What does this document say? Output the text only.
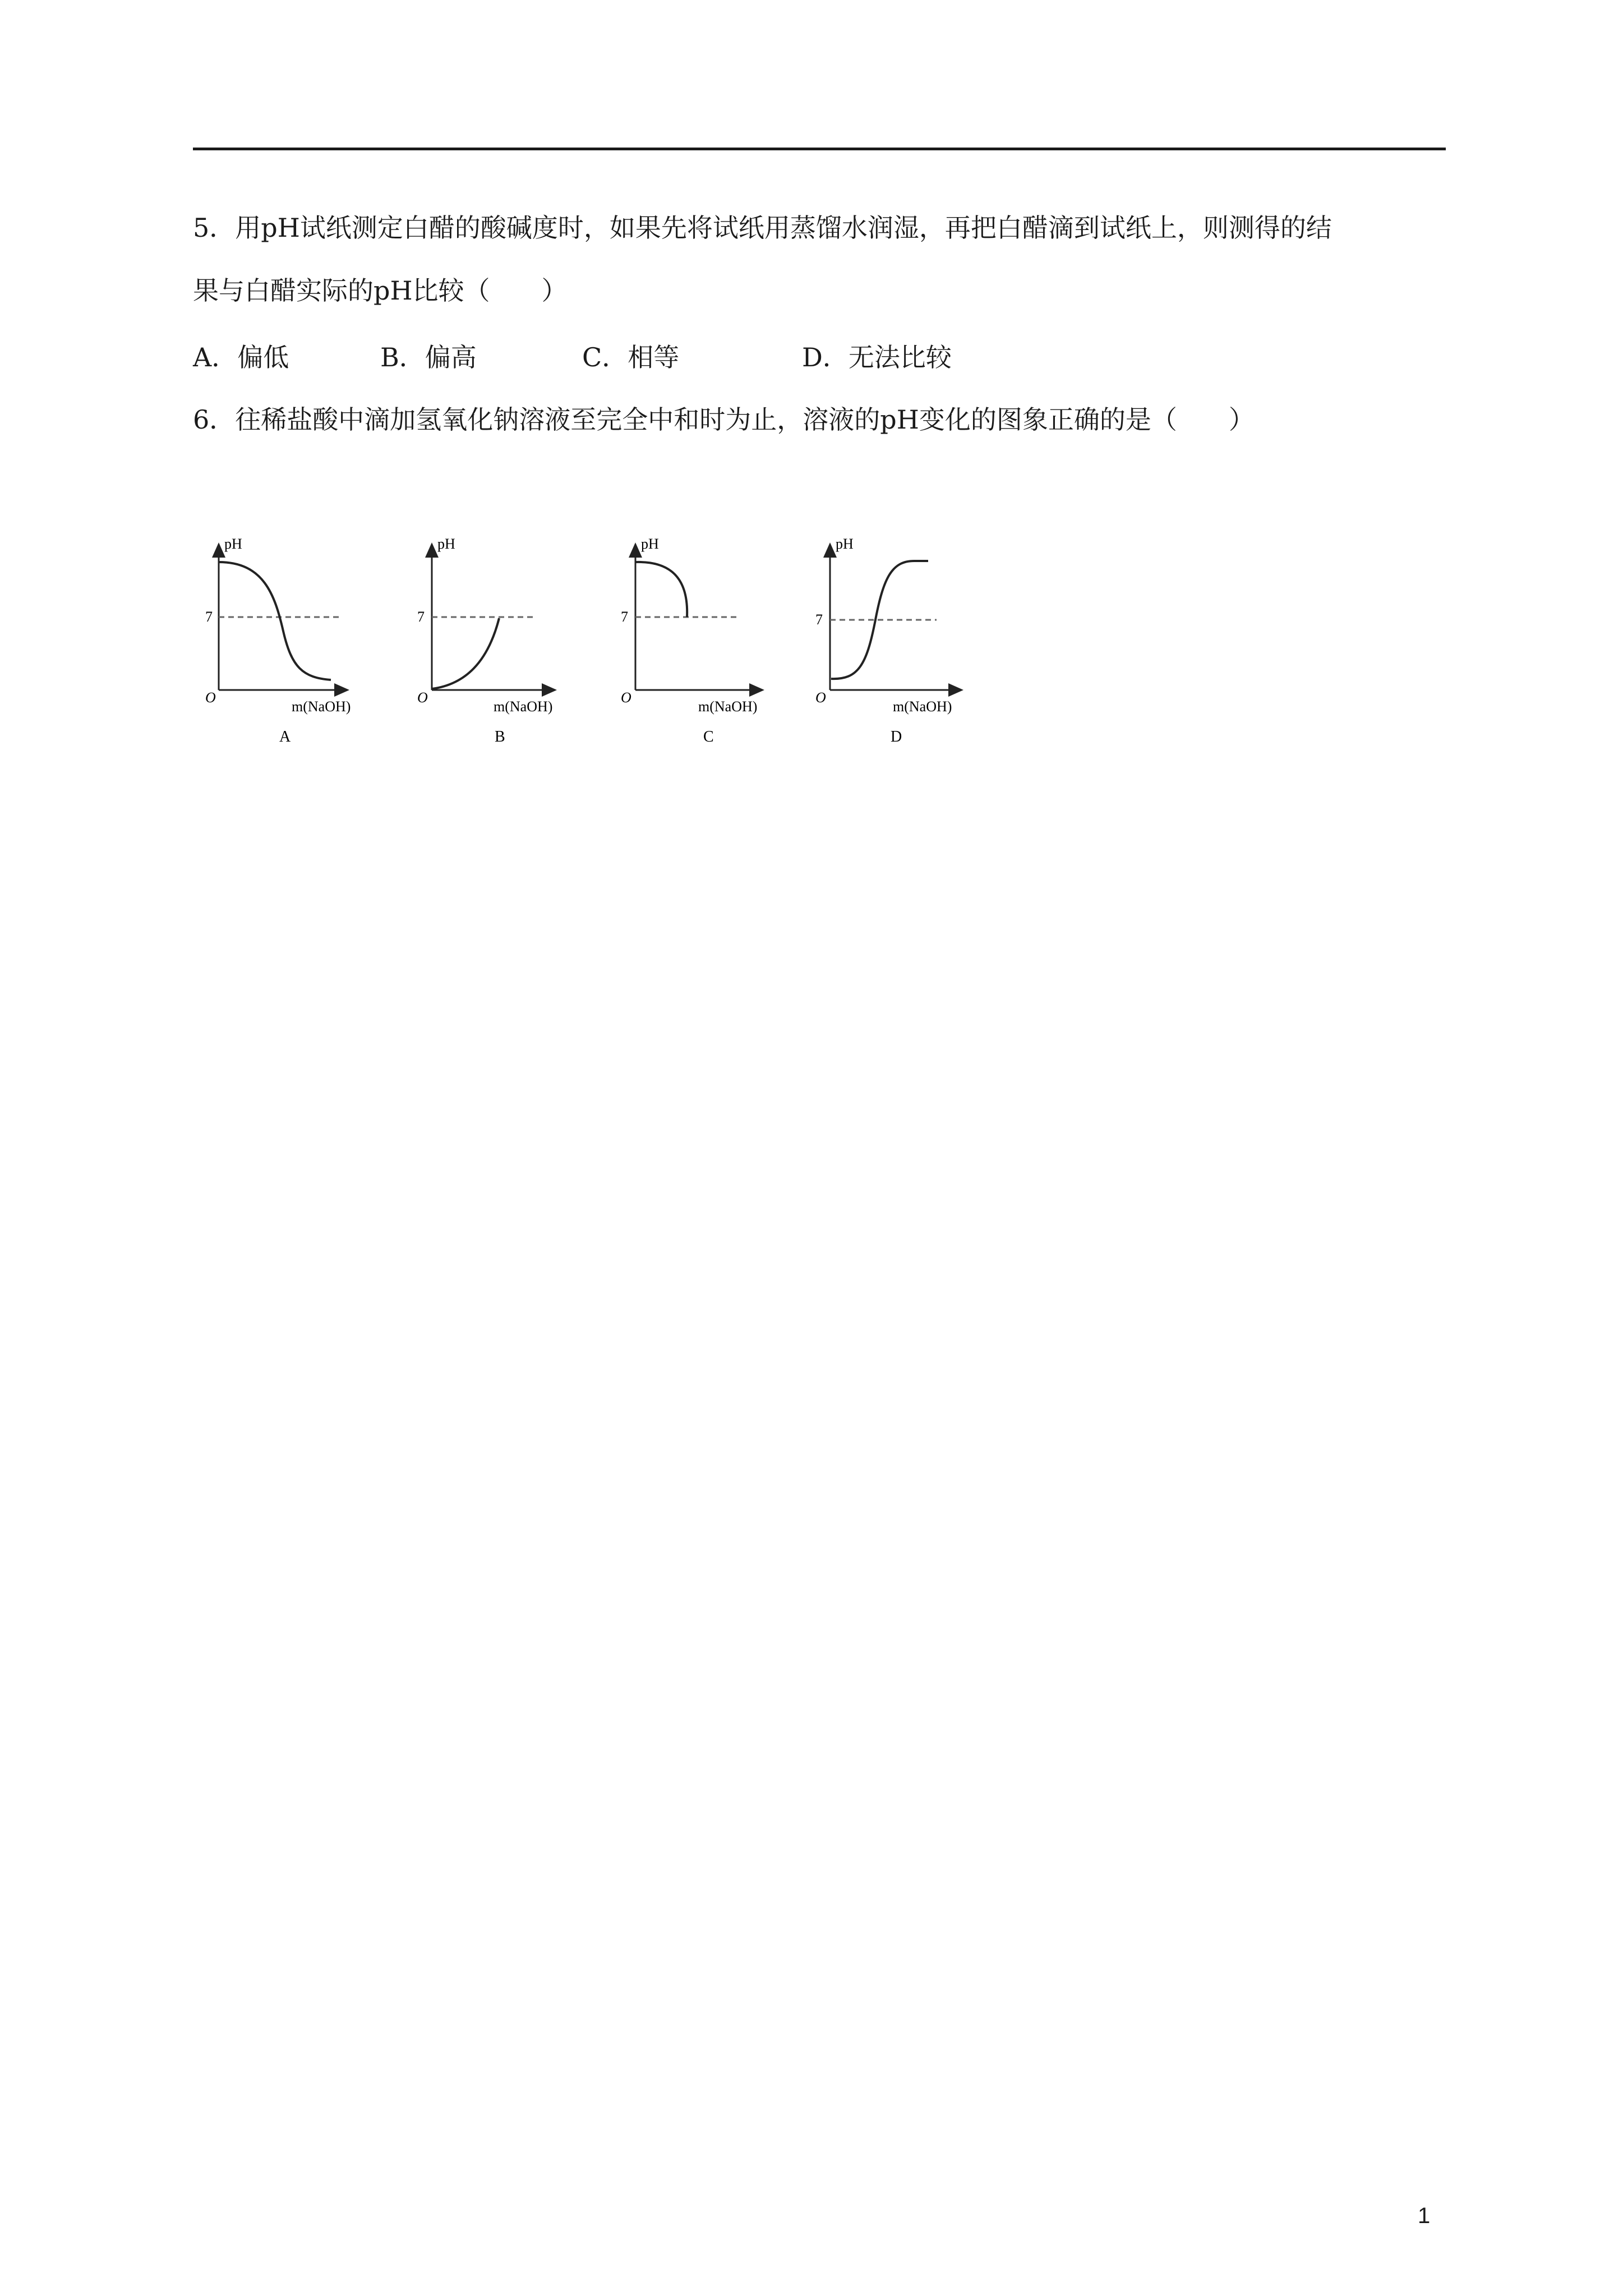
5．用pH试纸测定白醋的酸碱度时，如果先将试纸用蒸馏水润湿，再把白醋滴到试纸上，则测得的结
果与白醋实际的pH比较（　　）
A．偏低	B．偏高	C．相等	D．无法比较
6．往稀盐酸中滴加氢氧化钠溶液至完全中和时为止，溶液的pH变化的图象正确的是（　　）
pH
7
O
m(NaOH)
A
pH
7
O
m(NaOH)
B
pH
7
O
m(NaOH)
C
pH
7
O
m(NaOH)
D
1
